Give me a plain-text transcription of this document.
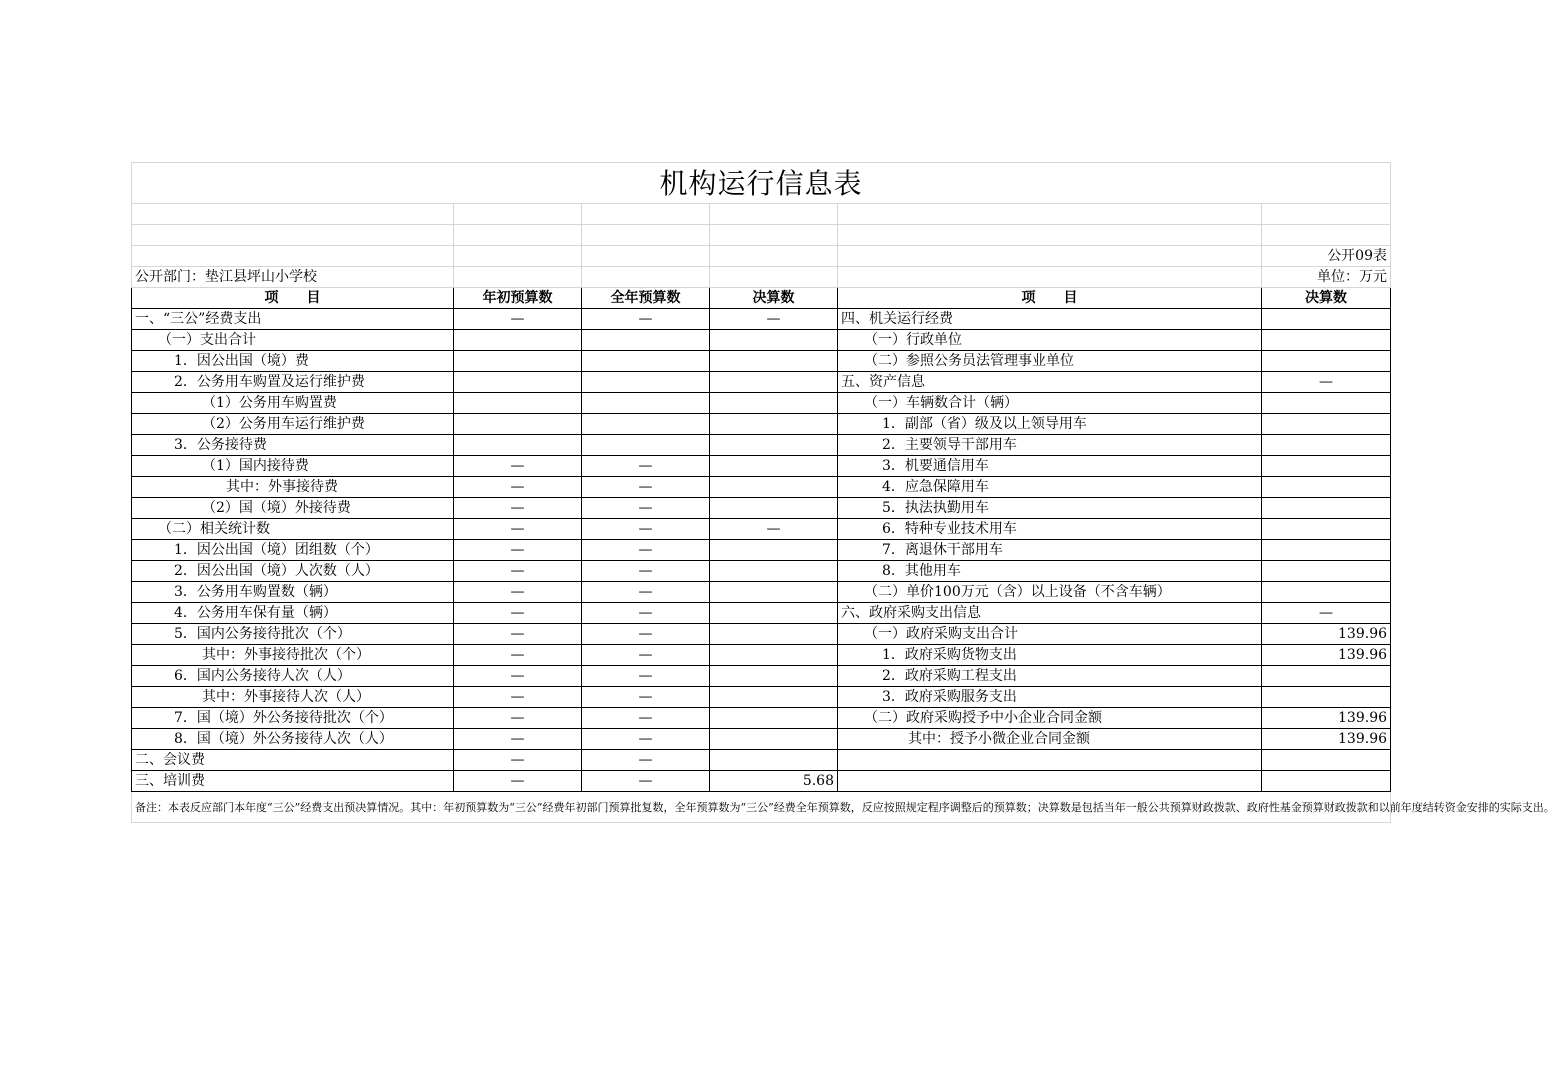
机构运行信息表					

					公开09表
公开部门：垫江县坪山小学校					单位：万元
项　　目	年初预算数	全年预算数	决算数	项　　目	决算数
一、“三公”经费支出	—	—	—	四、机关运行经费	
（一）支出合计				（一）行政单位	
1．因公出国（境）费				（二）参照公务员法管理事业单位	
2．公务用车购置及运行维护费				五、资产信息	—
（1）公务用车购置费				（一）车辆数合计（辆）	
（2）公务用车运行维护费				1．副部（省）级及以上领导用车	
3．公务接待费				2．主要领导干部用车	
（1）国内接待费	—	—		3．机要通信用车	
其中：外事接待费	—	—		4．应急保障用车	
（2）国（境）外接待费	—	—		5．执法执勤用车	
（二）相关统计数	—	—	—	6．特种专业技术用车	
1．因公出国（境）团组数（个）	—	—		7．离退休干部用车	
2．因公出国（境）人次数（人）	—	—		8．其他用车	
3．公务用车购置数（辆）	—	—		（二）单价100万元（含）以上设备（不含车辆）	
4．公务用车保有量（辆）	—	—		六、政府采购支出信息	—
5．国内公务接待批次（个）	—	—		（一）政府采购支出合计	139.96
其中：外事接待批次（个）	—	—		1．政府采购货物支出	139.96
6．国内公务接待人次（人）	—	—		2．政府采购工程支出	
其中：外事接待人次（人）	—	—		3．政府采购服务支出	
7．国（境）外公务接待批次（个）	—	—		（二）政府采购授予中小企业合同金额	139.96
8．国（境）外公务接待人次（人）	—	—		其中：授予小微企业合同金额	139.96
二、会议费	—	—			
三、培训费	—	—	5.68		
备注：本表反应部门本年度“三公”经费支出预决算情况。其中：年初预算数为“三公”经费年初部门预算批复数，全年预算数为“三公”经费全年预算数，反应按照规定程序调整后的预算数；决算数是包括当年一般公共预算财政拨款、政府性基金预算财政拨款和以前年度结转资金安排的实际支出。					
